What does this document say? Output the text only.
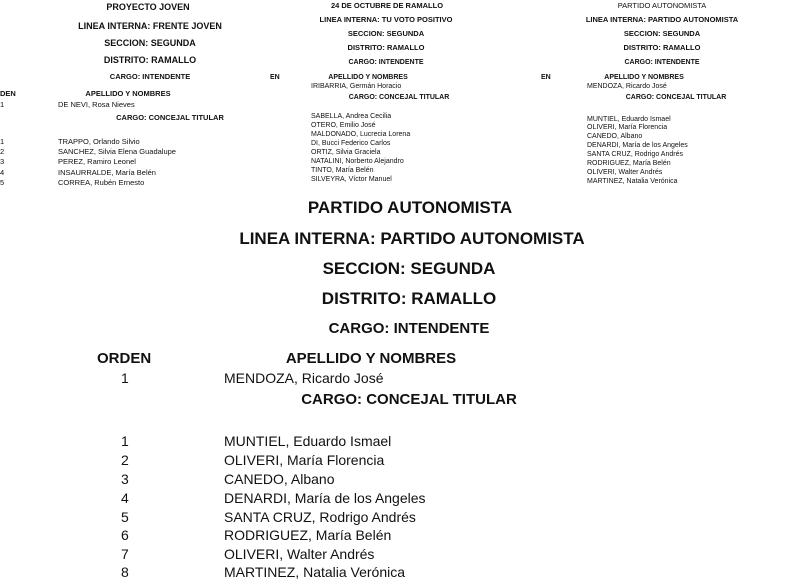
PROYECTO JOVEN
LINEA INTERNA: FRENTE JOVEN
SECCION: SEGUNDA
DISTRITO: RAMALLO
CARGO: INTENDENTE
DEN	APELLIDO Y NOMBRES
1	DE NEVI, Rosa Nieves
CARGO: CONCEJAL TITULAR
1	TRAPPO, Orlando Silvio
2	SANCHEZ, Silvia Elena Guadalupe
3	PEREZ, Ramiro Leonel
4	INSAURRALDE, María Belén
5	CORREA, Rubén Ernesto
24 DE OCTUBRE DE RAMALLO
LINEA INTERNA: TU VOTO POSITIVO
SECCION: SEGUNDA
DISTRITO: RAMALLO
CARGO: INTENDENTE
EN	APELLIDO Y NOMBRES
IRIBARRIA, Germán Horacio
CARGO: CONCEJAL TITULAR
SABELLA, Andrea Cecilia
OTERO, Emilio José
MALDONADO, Lucrecia Lorena
DI, Bucci Federico Carlos
ORTIZ, Silvia Graciela
NATALINI, Norberto Alejandro
TINTO, María Belén
SILVEYRA, Víctor Manuel
PARTIDO AUTONOMISTA
LINEA INTERNA: PARTIDO AUTONOMISTA
SECCION: SEGUNDA
DISTRITO: RAMALLO
CARGO: INTENDENTE
EN	APELLIDO Y NOMBRES
MENDOZA, Ricardo José
CARGO: CONCEJAL TITULAR
MUNTIEL, Eduardo Ismael
OLIVERI, María Florencia
CANEDO, Albano
DENARDI, María de los Angeles
SANTA CRUZ, Rodrigo Andrés
RODRIGUEZ, María Belén
OLIVERI, Walter Andrés
MARTINEZ, Natalia Verónica
PARTIDO AUTONOMISTA
LINEA INTERNA: PARTIDO AUTONOMISTA
SECCION: SEGUNDA
DISTRITO: RAMALLO
CARGO: INTENDENTE
ORDEN	APELLIDO Y NOMBRES
1	MENDOZA, Ricardo José
CARGO: CONCEJAL TITULAR
1	MUNTIEL, Eduardo Ismael
2	OLIVERI, María Florencia
3	CANEDO, Albano
4	DENARDI, María de los Angeles
5	SANTA CRUZ, Rodrigo Andrés
6	RODRIGUEZ, María Belén
7	OLIVERI, Walter Andrés
8	MARTINEZ, Natalia Verónica
